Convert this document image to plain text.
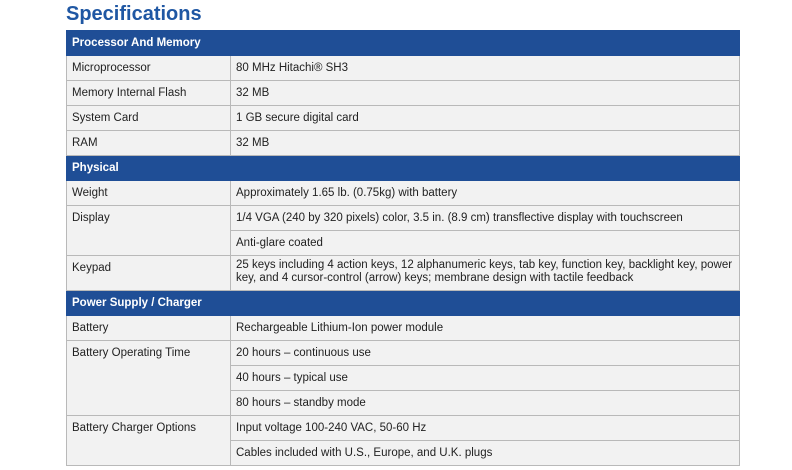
Specifications
Processor And Memory	

Microprocessor	80 MHz Hitachi® SH3

Memory Internal Flash	32 MB

System Card	1 GB secure digital card

RAM	32 MB

Physical	

Weight	Approximately 1.65 lb. (0.75kg) with battery

Display	1/4 VGA (240 by 320 pixels) color, 3.5 in. (8.9 cm) transflective display with touchscreen

	Anti-glare coated

Keypad	25 keys including 4 action keys, 12 alphanumeric keys, tab key, function key, backlight key, power key, and 4 cursor-control (arrow) keys; membrane design with tactile feedback

Power Supply / Charger	

Battery	Rechargeable Lithium-Ion power module

Battery Operating Time	20 hours – continuous use

	40 hours – typical use

	80 hours – standby mode

Battery Charger Options	Input voltage 100-240 VAC, 50-60 Hz

	Cables included with U.S., Europe, and U.K. plugs
